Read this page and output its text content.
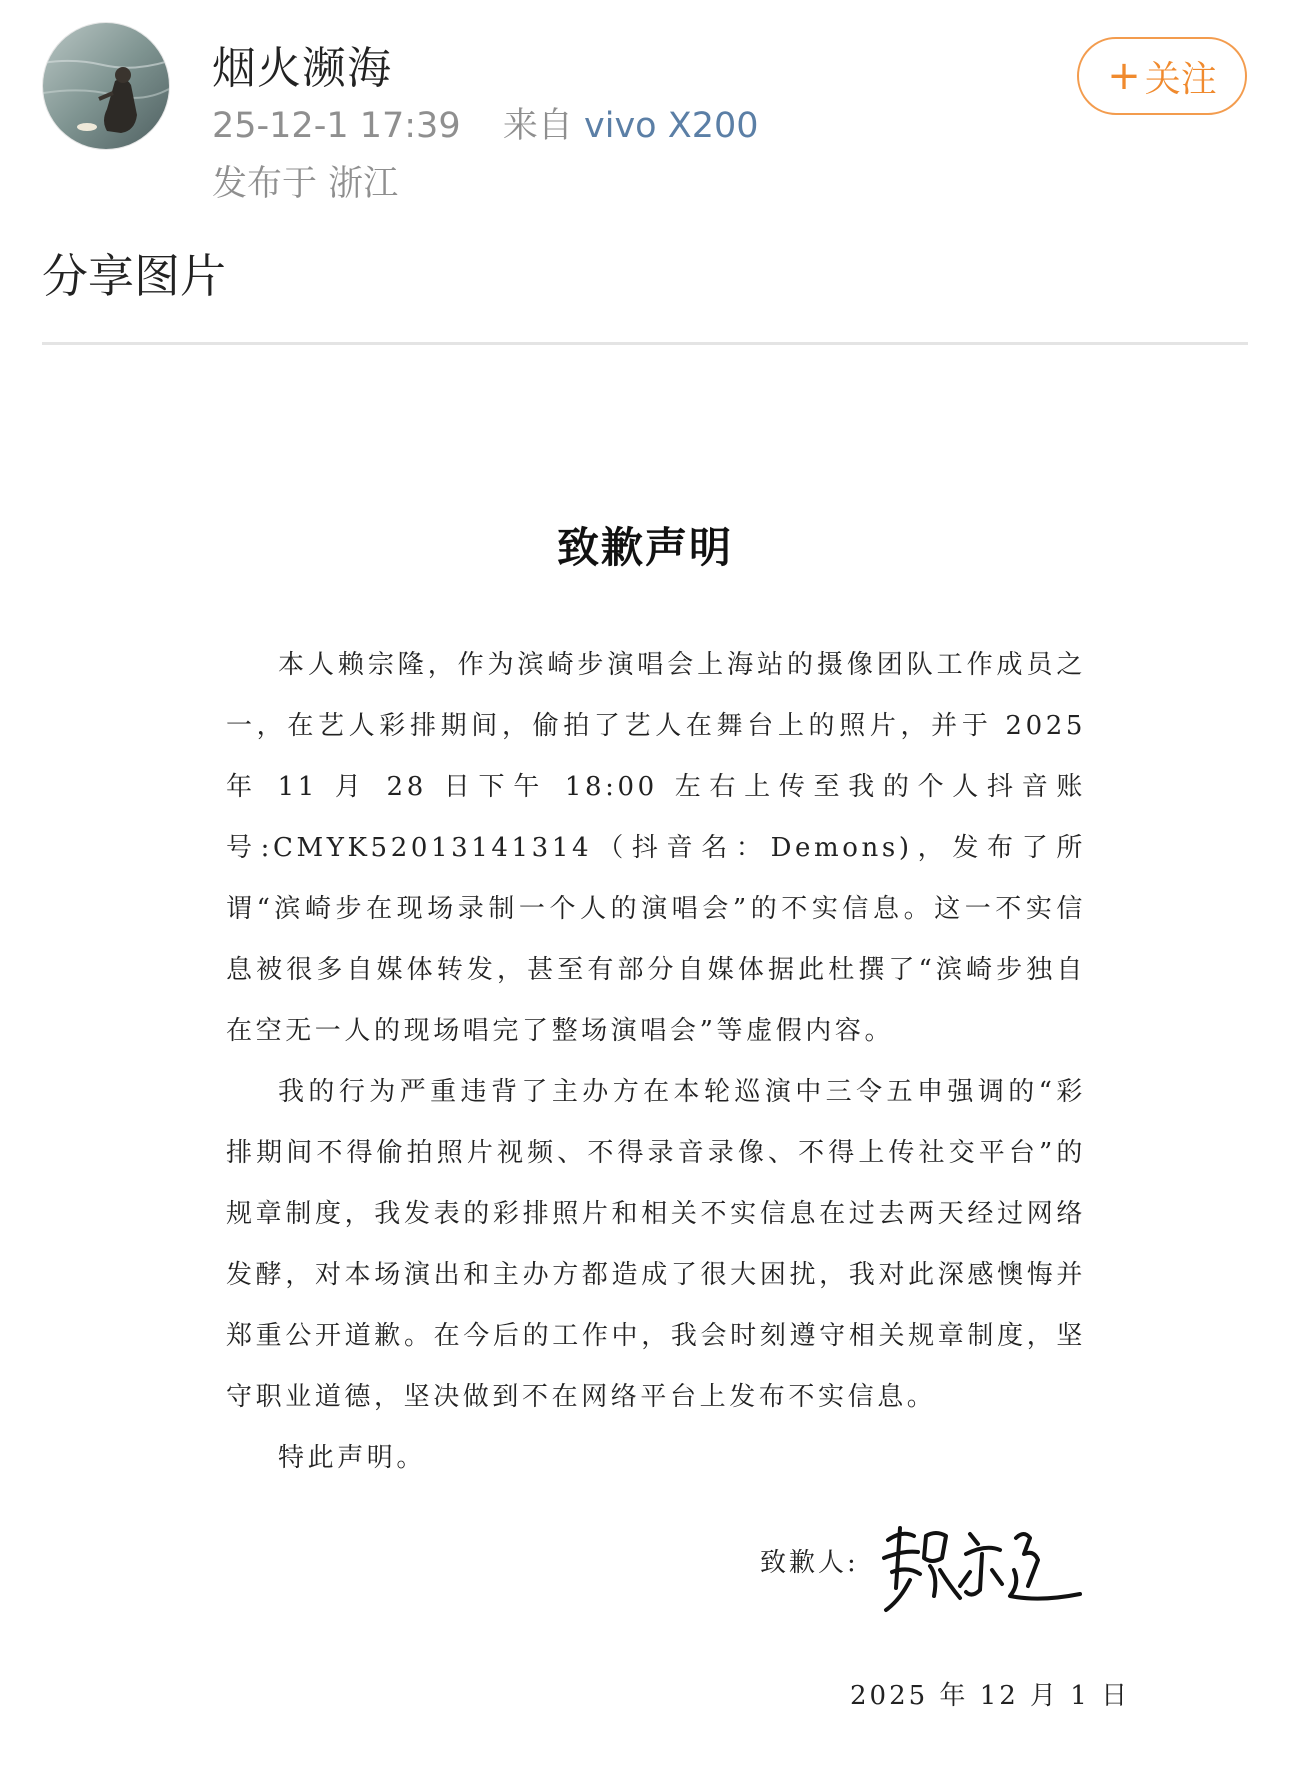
烟火濒海
25-12-1 17:39 来自 vivo X200
发布于 浙江
+ 关注
分享图片
致歉声明

本人赖宗隆，作为滨崎步演唱会上海站的摄像团队工作成员之一，在艺人彩排期间，偷拍了艺人在舞台上的照片，并于 2025 年 11 月 28 日下午 18:00 左右上传至我的个人抖音账号:CMYK52013141314（抖音名：Demons)，发布了所谓“滨崎步在现场录制一个人的演唱会”的不实信息。这一不实信息被很多自媒体转发，甚至有部分自媒体据此杜撰了“滨崎步独自在空无一人的现场唱完了整场演唱会”等虚假内容。

我的行为严重违背了主办方在本轮巡演中三令五申强调的“彩排期间不得偷拍照片视频、不得录音录像、不得上传社交平台”的规章制度，我发表的彩排照片和相关不实信息在过去两天经过网络发酵，对本场演出和主办方都造成了很大困扰，我对此深感懊悔并郑重公开道歉。在今后的工作中，我会时刻遵守相关规章制度，坚守职业道德，坚决做到不在网络平台上发布不实信息。

特此声明。

致歉人:
2025 年 12 月 1 日
